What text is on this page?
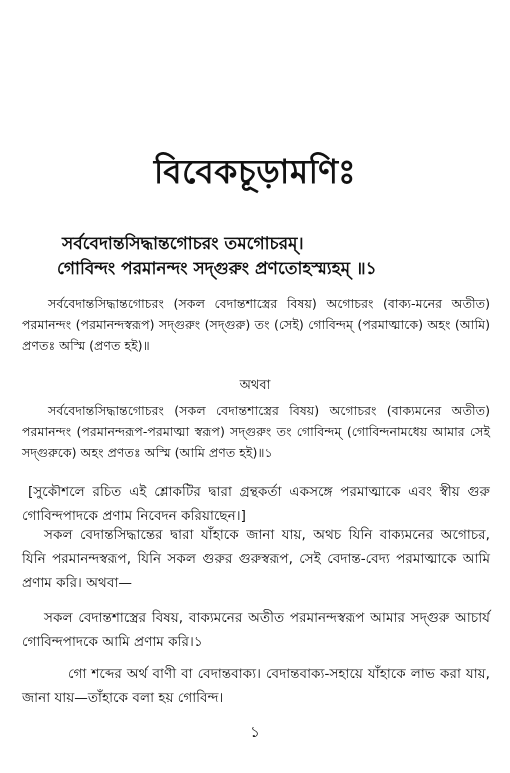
বিবেকচূড়ামণিঃ
সর্ববেদান্তসিদ্ধান্তগোচরং তমগোচরম্।
গোবিন্দং পরমানন্দং সদ্গুরুং প্রণতোহস্ম্যহম্ ॥১
সর্ববেদান্তসিদ্ধান্তগোচরং (সকল বেদান্তশাস্ত্রের বিষয়) অগোচরং (বাক্য-মনের অতীত) পরমানন্দং (পরমানন্দস্বরূপ) সদ্গুরুং (সদ্গুরু) তং (সেই) গোবিন্দম্ (পরমাত্মাকে) অহং (আমি) প্রণতঃ অস্মি (প্রণত হই)॥
অথবা
সর্ববেদান্তসিদ্ধান্তগোচরং (সকল বেদান্তশাস্ত্রের বিষয়) অগোচরং (বাক্যমনের অতীত) পরমানন্দং (পরমানন্দরূপ-পরমাত্মা স্বরূপ) সদ্গুরুং তং গোবিন্দম্ (গোবিন্দনামধেয় আমার সেই সদ্গুরুকে) অহং প্রণতঃ অস্মি (আমি প্রণত হই)॥১
[সুকৌশলে রচিত এই শ্লোকটির দ্বারা গ্রন্থকর্তা একসঙ্গে পরমাত্মাকে এবং স্বীয় গুরু গোবিন্দপাদকে প্রণাম নিবেদন করিয়াছেন।]
সকল বেদান্তসিদ্ধান্তের দ্বারা যাঁহাকে জানা যায়, অথচ যিনি বাক্যমনের অগোচর, যিনি পরমানন্দস্বরূপ, যিনি সকল গুরুর গুরুস্বরূপ, সেই বেদান্ত-বেদ্য পরমাত্মাকে আমি প্রণাম করি। অথবা—
সকল বেদান্তশাস্ত্রের বিষয়, বাক্যমনের অতীত পরমানন্দস্বরূপ আমার সদ্গুরু আচার্য গোবিন্দপাদকে আমি প্রণাম করি।১
গো শব্দের অর্থ বাণী বা বেদান্তবাক্য। বেদান্তবাক্য-সহায়ে যাঁহাকে লাভ করা যায়, জানা যায়—তাঁহাকে বলা হয় গোবিন্দ।
১
